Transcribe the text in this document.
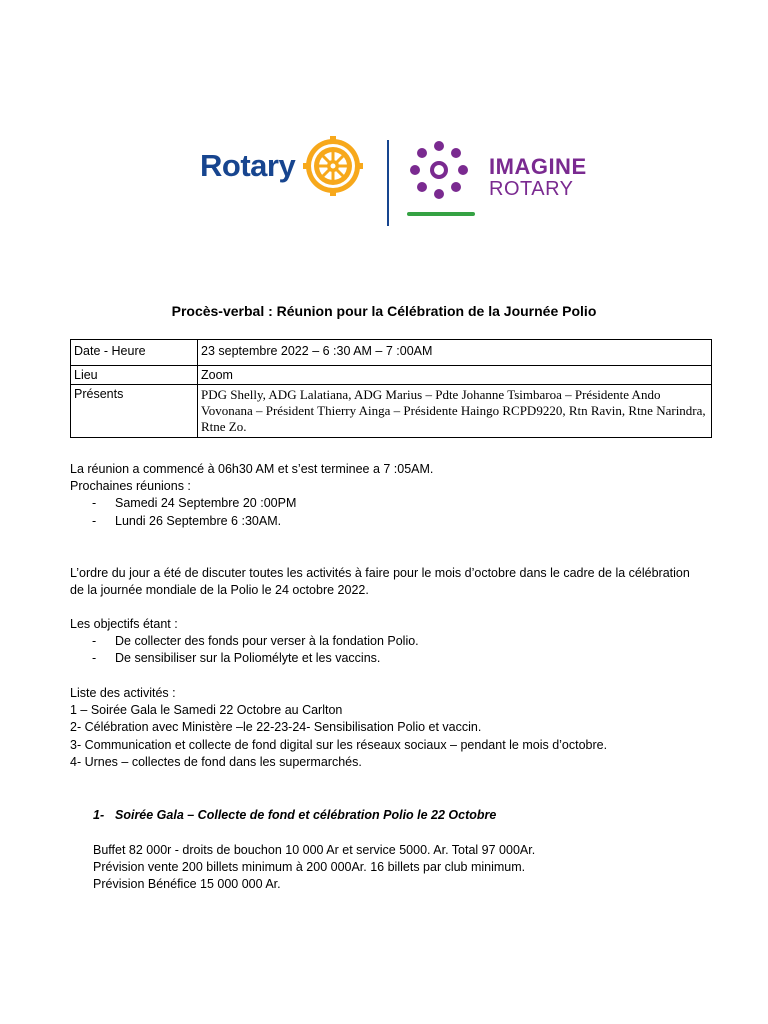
Rotary	IMAGINE
ROTARY
Procès-verbal : Réunion pour la Célébration de la Journée Polio
Date - Heure	23 septembre 2022 – 6 :30 AM – 7 :00AM
Lieu	Zoom
Présents	PDG Shelly, ADG Lalatiana, ADG Marius – Pdte Johanne Tsimbaroa – Présidente Ando Vovonana – Président Thierry Ainga – Présidente Haingo RCPD9220, Rtn Ravin, Rtne Narindra, Rtne Zo.

La réunion a commencé à 06h30 AM et s’est terminee a 7 :05AM.

Prochaines réunions :

- Samedi 24 Septembre 20 :00PM
- Lundi 26 Septembre 6 :30AM.

L’ordre du jour a été de discuter toutes les activités à faire pour le mois d’octobre dans le cadre de la célébration de la journée mondiale de la Polio le 24 octobre 2022.

Les objectifs étant :

- De collecter des fonds pour verser à la fondation Polio.
- De sensibiliser sur la Poliomélyte et les vaccins.

Liste des activités :

1 – Soirée Gala le Samedi 22 Octobre au Carlton

2- Célébration avec Ministère –le 22-23-24- Sensibilisation Polio et vaccin.

3- Communication et collecte de fond digital sur les réseaux sociaux – pendant le mois d’octobre.

4- Urnes – collectes de fond dans les supermarchés.

1- Soirée Gala – Collecte de fond et célébration Polio le 22 Octobre

Buffet 82 000r - droits de bouchon 10 000 Ar et service 5000. Ar. Total 97 000Ar.

Prévision vente 200 billets minimum à 200 000Ar. 16 billets par club minimum.

Prévision Bénéfice 15 000 000 Ar.
